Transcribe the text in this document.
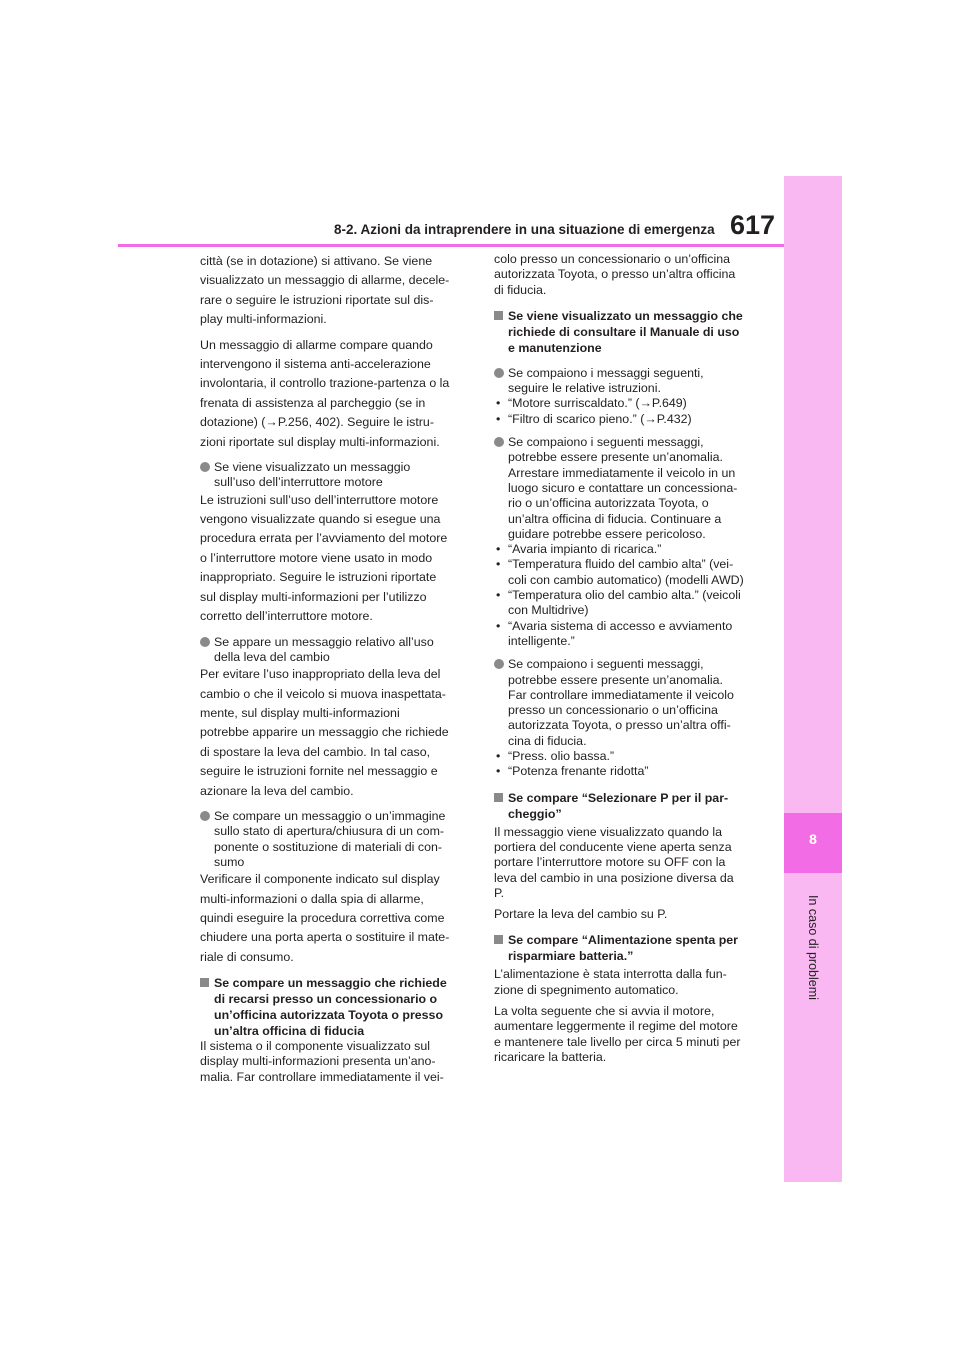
8
In caso di problemi
8-2. Azioni da intraprendere in una situazione di emergenza 617
città (se in dotazione) si attivano. Se viene
visualizzato un messaggio di allarme, decele-
rare o seguire le istruzioni riportate sul dis-
play multi-informazioni.
Un messaggio di allarme compare quando
intervengono il sistema anti-accelerazione
involontaria, il controllo trazione-partenza o la
frenata di assistenza al parcheggio (se in
dotazione) (→P.256, 402). Seguire le istru-
zioni riportate sul display multi-informazioni.
Se viene visualizzato un messaggio
sull’uso dell’interruttore motore
Le istruzioni sull’uso dell’interruttore motore
vengono visualizzate quando si esegue una
procedura errata per l’avviamento del motore
o l’interruttore motore viene usato in modo
inappropriato. Seguire le istruzioni riportate
sul display multi-informazioni per l’utilizzo
corretto dell’interruttore motore.
Se appare un messaggio relativo all’uso
della leva del cambio
Per evitare l’uso inappropriato della leva del
cambio o che il veicolo si muova inaspettata-
mente, sul display multi-informazioni
potrebbe apparire un messaggio che richiede
di spostare la leva del cambio. In tal caso,
seguire le istruzioni fornite nel messaggio e
azionare la leva del cambio.
Se compare un messaggio o un’immagine
sullo stato di apertura/chiusura di un com-
ponente o sostituzione di materiali di con-
sumo
Verificare il componente indicato sul display
multi-informazioni o dalla spia di allarme,
quindi eseguire la procedura correttiva come
chiudere una porta aperta o sostituire il mate-
riale di consumo.
Se compare un messaggio che richiede
di recarsi presso un concessionario o
un’officina autorizzata Toyota o presso
un’altra officina di fiducia
Il sistema o il componente visualizzato sul
display multi-informazioni presenta un’ano-
malia. Far controllare immediatamente il vei-
colo presso un concessionario o un’officina
autorizzata Toyota, o presso un’altra officina
di fiducia.
Se viene visualizzato un messaggio che
richiede di consultare il Manuale di uso
e manutenzione
Se compaiono i messaggi seguenti,
seguire le relative istruzioni.
• “Motore surriscaldato.” (→P.649)
• “Filtro di scarico pieno.” (→P.432)
Se compaiono i seguenti messaggi,
potrebbe essere presente un’anomalia.
Arrestare immediatamente il veicolo in un
luogo sicuro e contattare un concessiona-
rio o un’officina autorizzata Toyota, o
un’altra officina di fiducia. Continuare a
guidare potrebbe essere pericoloso.
• “Avaria impianto di ricarica.”
• “Temperatura fluido del cambio alta” (vei-
coli con cambio automatico) (modelli AWD)
• “Temperatura olio del cambio alta.” (veicoli
con Multidrive)
• “Avaria sistema di accesso e avviamento
intelligente.”
Se compaiono i seguenti messaggi,
potrebbe essere presente un’anomalia.
Far controllare immediatamente il veicolo
presso un concessionario o un’officina
autorizzata Toyota, o presso un’altra offi-
cina di fiducia.
• “Press. olio bassa.”
• “Potenza frenante ridotta”
Se compare “Selezionare P per il par-
cheggio”
Il messaggio viene visualizzato quando la
portiera del conducente viene aperta senza
portare l’interruttore motore su OFF con la
leva del cambio in una posizione diversa da
P.

Portare la leva del cambio su P.

Se compare “Alimentazione spenta per
risparmiare batteria.”
L’alimentazione è stata interrotta dalla fun-
zione di spegnimento automatico.
La volta seguente che si avvia il motore,
aumentare leggermente il regime del motore
e mantenere tale livello per circa 5 minuti per
ricaricare la batteria.
